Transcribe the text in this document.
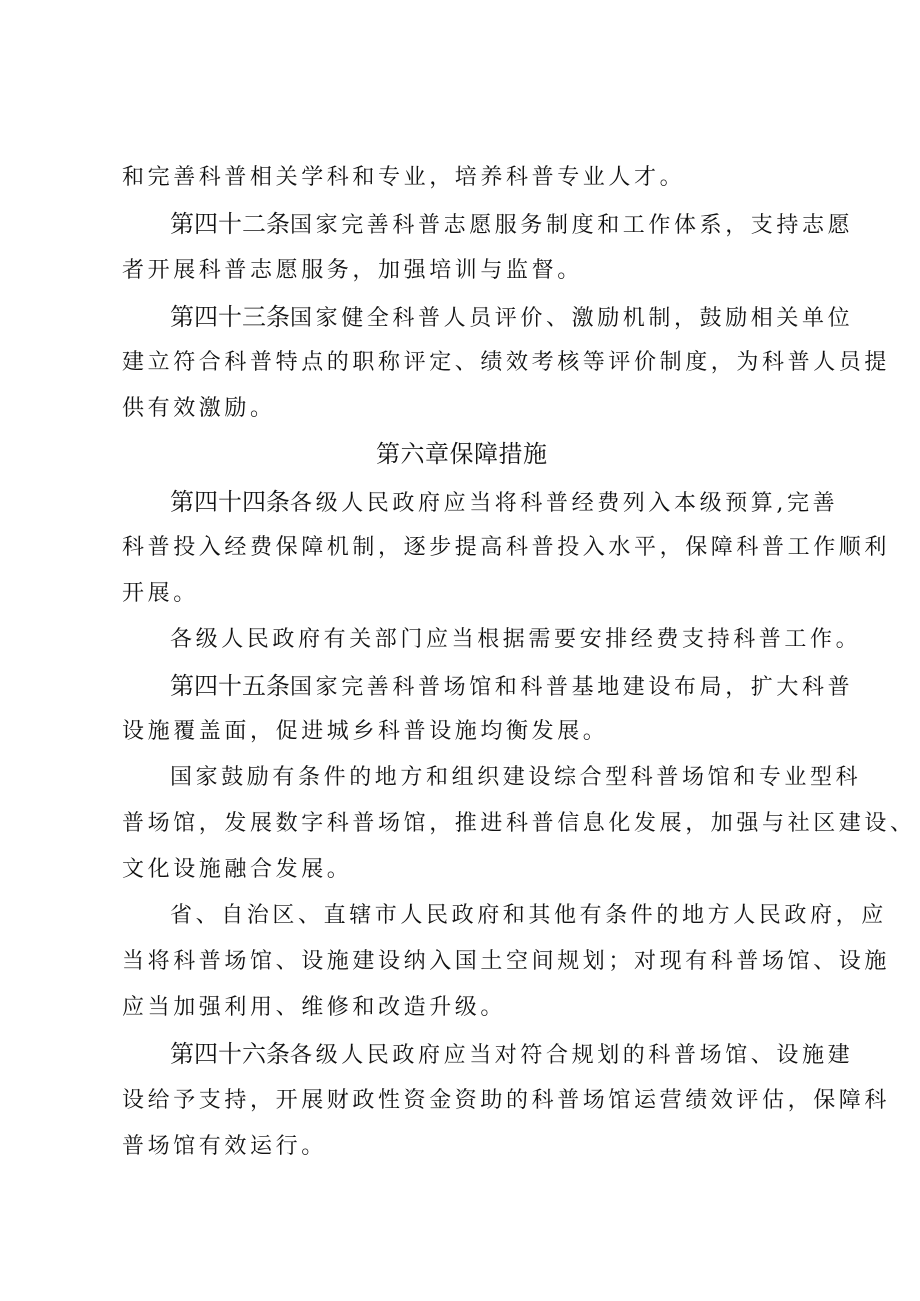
和完善科普相关学科和专业，培养科普专业人才。
第四十二条国家完善科普志愿服务制度和工作体系，支持志愿
者开展科普志愿服务，加强培训与监督。
第四十三条国家健全科普人员评价、激励机制，鼓励相关单位
建立符合科普特点的职称评定、绩效考核等评价制度，为科普人员提
供有效激励。
第六章保障措施
第四十四条各级人民政府应当将科普经费列入本级预算,完善
科普投入经费保障机制，逐步提高科普投入水平，保障科普工作顺利
开展。
各级人民政府有关部门应当根据需要安排经费支持科普工作。
第四十五条国家完善科普场馆和科普基地建设布局，扩大科普
设施覆盖面，促进城乡科普设施均衡发展。
国家鼓励有条件的地方和组织建设综合型科普场馆和专业型科
普场馆，发展数字科普场馆，推进科普信息化发展，加强与社区建设、
文化设施融合发展。
省、自治区、直辖市人民政府和其他有条件的地方人民政府，应
当将科普场馆、设施建设纳入国土空间规划；对现有科普场馆、设施
应当加强利用、维修和改造升级。
第四十六条各级人民政府应当对符合规划的科普场馆、设施建
设给予支持，开展财政性资金资助的科普场馆运营绩效评估，保障科
普场馆有效运行。
